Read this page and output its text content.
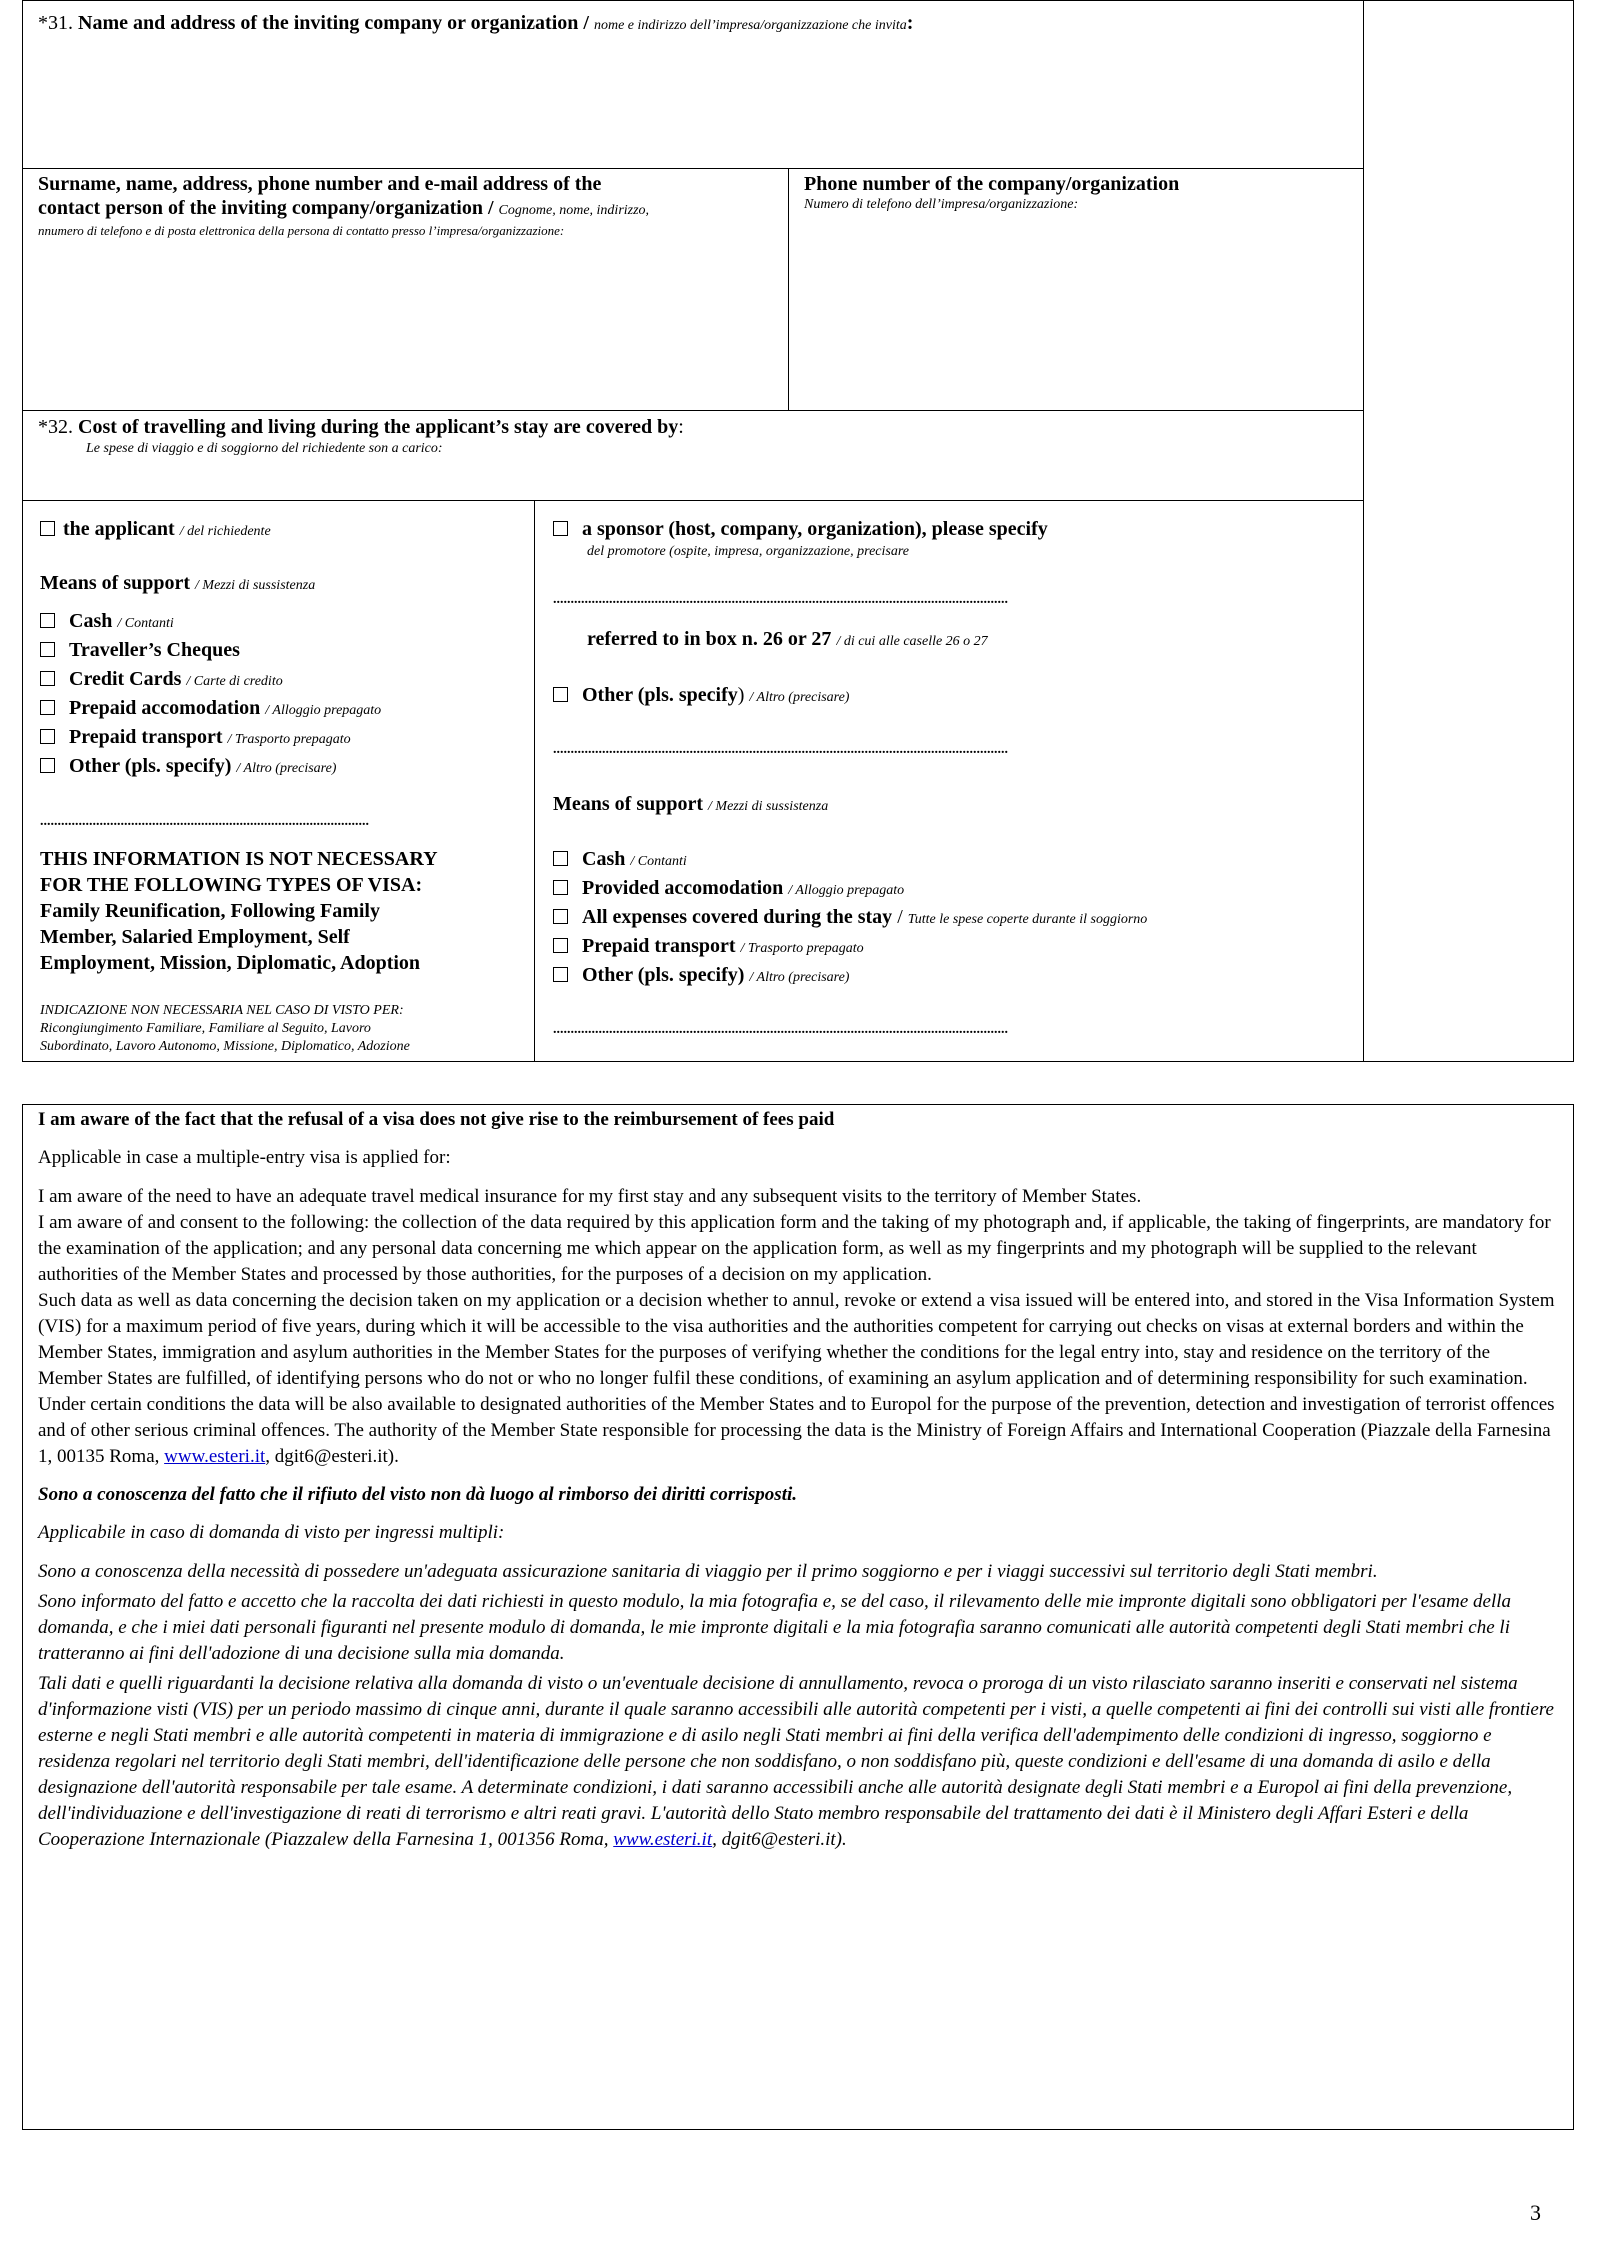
*31. Name and address of the inviting company or organization / nome e indirizzo dell’impresa/organizzazione che invita:
Surname, name, address, phone number and e-mail address of the
contact person of the inviting company/organization / Cognome, nome, indirizzo,
nnumero di telefono e di posta elettronica della persona di contatto presso l’impresa/organizzazione:
Phone number of the company/organization
Numero di telefono dell’impresa/organizzazione:
*32. Cost of travelling and living during the applicant’s stay are covered by:
Le spese di viaggio e di soggiorno del richiedente son a carico:
the applicant / del richiedente
Means of support / Mezzi di sussistenza
Cash / Contanti
Traveller’s Cheques
Credit Cards / Carte di credito
Prepaid accomodation / Alloggio prepagato
Prepaid transport / Trasporto prepagato
Other (pls. specify) / Altro (precisare)
..............................................................................................
THIS INFORMATION IS NOT NECESSARY
FOR THE FOLLOWING TYPES OF VISA:
Family Reunification, Following Family
Member, Salaried Employment, Self
Employment, Mission, Diplomatic, Adoption
INDICAZIONE NON NECESSARIA NEL CASO DI VISTO PER:
Ricongiungimento Familiare, Familiare al Seguito, Lavoro
Subordinato, Lavoro Autonomo, Missione, Diplomatico, Adozione
a sponsor (host, company, organization), please specify
del promotore (ospite, impresa, organizzazione, precisare
..................................................................................................................................
referred to in box n. 26 or 27 / di cui alle caselle 26 o 27
Other (pls. specify) / Altro (precisare)
..................................................................................................................................
Means of support / Mezzi di sussistenza
Cash / Contanti
Provided accomodation / Alloggio prepagato
All expenses covered during the stay / Tutte le spese coperte durante il soggiorno
Prepaid transport / Trasporto prepagato
Other (pls. specify) / Altro (precisare)
..................................................................................................................................

I am aware of the fact that the refusal of a visa does not give rise to the reimbursement of fees paid

Applicable in case a multiple-entry visa is applied for:

I am aware of the need to have an adequate travel medical insurance for my first stay and any subsequent visits to the territory of Member States.

I am aware of and consent to the following: the collection of the data required by this application form and the taking of my photograph and, if applicable, the taking of fingerprints, are mandatory for the examination of the application; and any personal data concerning me which appear on the application form, as well as my fingerprints and my photograph will be supplied to the relevant authorities of the Member States and processed by those authorities, for the purposes of a decision on my application.

Such data as well as data concerning the decision taken on my application or a decision whether to annul, revoke or extend a visa issued will be entered into, and stored in the Visa Information System (VIS) for a maximum period of five years, during which it will be accessible to the visa authorities and the authorities competent for carrying out checks on visas at external borders and within the Member States, immigration and asylum authorities in the Member States for the purposes of verifying whether the conditions for the legal entry into, stay and residence on the territory of the Member States are fulfilled, of identifying persons who do not or who no longer fulfil these conditions, of examining an asylum application and of determining responsibility for such examination. Under certain conditions the data will be also available to designated authorities of the Member States and to Europol for the purpose of the prevention, detection and investigation of terrorist offences and of other serious criminal offences. The authority of the Member State responsible for processing the data is the Ministry of Foreign Affairs and International Cooperation (Piazzale della Farnesina 1, 00135 Roma, www.esteri.it, dgit6@esteri.it).

Sono a conoscenza del fatto che il rifiuto del visto non dà luogo al rimborso dei diritti corrisposti.

Applicabile in caso di domanda di visto per ingressi multipli:

Sono a conoscenza della necessità di possedere un'adeguata assicurazione sanitaria di viaggio per il primo soggiorno e per i viaggi successivi sul territorio degli Stati membri.

Sono informato del fatto e accetto che la raccolta dei dati richiesti in questo modulo, la mia fotografia e, se del caso, il rilevamento delle mie impronte digitali sono obbligatori per l'esame della domanda, e che i miei dati personali figuranti nel presente modulo di domanda, le mie impronte digitali e la mia fotografia saranno comunicati alle autorità competenti degli Stati membri che li tratteranno ai fini dell'adozione di una decisione sulla mia domanda.

Tali dati e quelli riguardanti la decisione relativa alla domanda di visto o un'eventuale decisione di annullamento, revoca o proroga di un visto rilasciato saranno inseriti e conservati nel sistema d'informazione visti (VIS) per un periodo massimo di cinque anni, durante il quale saranno accessibili alle autorità competenti per i visti, a quelle competenti ai fini dei controlli sui visti alle frontiere esterne e negli Stati membri e alle autorità competenti in materia di immigrazione e di asilo negli Stati membri ai fini della verifica dell'adempimento delle condizioni di ingresso, soggiorno e residenza regolari nel territorio degli Stati membri, dell'identificazione delle persone che non soddisfano, o non soddisfano più, queste condizioni e dell'esame di una domanda di asilo e della designazione dell'autorità responsabile per tale esame. A determinate condizioni, i dati saranno accessibili anche alle autorità designate degli Stati membri e a Europol ai fini della prevenzione, dell'individuazione e dell'investigazione di reati di terrorismo e altri reati gravi. L'autorità dello Stato membro responsabile del trattamento dei dati è il Ministero degli Affari Esteri e della Cooperazione Internazionale (Piazzalew della Farnesina 1, 001356 Roma, www.esteri.it, dgit6@esteri.it).

3
